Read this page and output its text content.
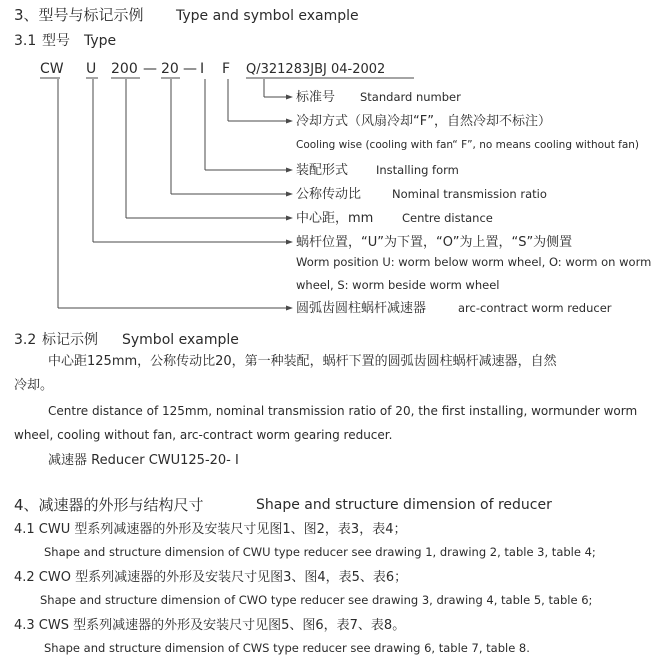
3、型号与标记示例 Type and symbol example
3.1 型号 Type
CW U 200 — 20 — I F Q/321283JBJ 04-2002
标准号 Standard number
冷却方式（风扇冷却“F”，自然冷却不标注）
Cooling wise (cooling with fan“ F”, no means cooling without fan)
装配形式 Installing form
公称传动比	Nominal transmission ratio
中心距，mm Centre distance
蜗杆位置，“U”为下置，“O”为上置，“S”为侧置
Worm position U: worm below worm wheel, O: worm on worm
wheel, S: worm beside worm wheel
圆弧齿圆柱蜗杆减速器	arc-contract worm reducer
3.2 标记示例 Symbol example
中心距125mm，公称传动比20，第一种装配，蜗杆下置的圆弧齿圆柱蜗杆减速器，自然
冷却。
Centre distance of 125mm, nominal transmission ratio of 20, the first installing, wormunder worm
wheel, cooling without fan, arc-contract worm gearing reducer.
减速器 Reducer CWU125-20- Ⅰ
4、减速器的外形与结构尺寸	Shape and structure dimension of reducer
4.1 CWU 型系列减速器的外形及安装尺寸见图1、图2，表3，表4；
Shape and structure dimension of CWU type reducer see drawing 1, drawing 2, table 3, table 4;
4.2 CWO 型系列减速器的外形及安装尺寸见图3、图4，表5、表6；
Shape and structure dimension of CWO type reducer see drawing 3, drawing 4, table 5, table 6;
4.3 CWS 型系列减速器的外形及安装尺寸见图5、图6，表7、表8。
Shape and structure dimension of CWS type reducer see drawing 6, table 7, table 8.
